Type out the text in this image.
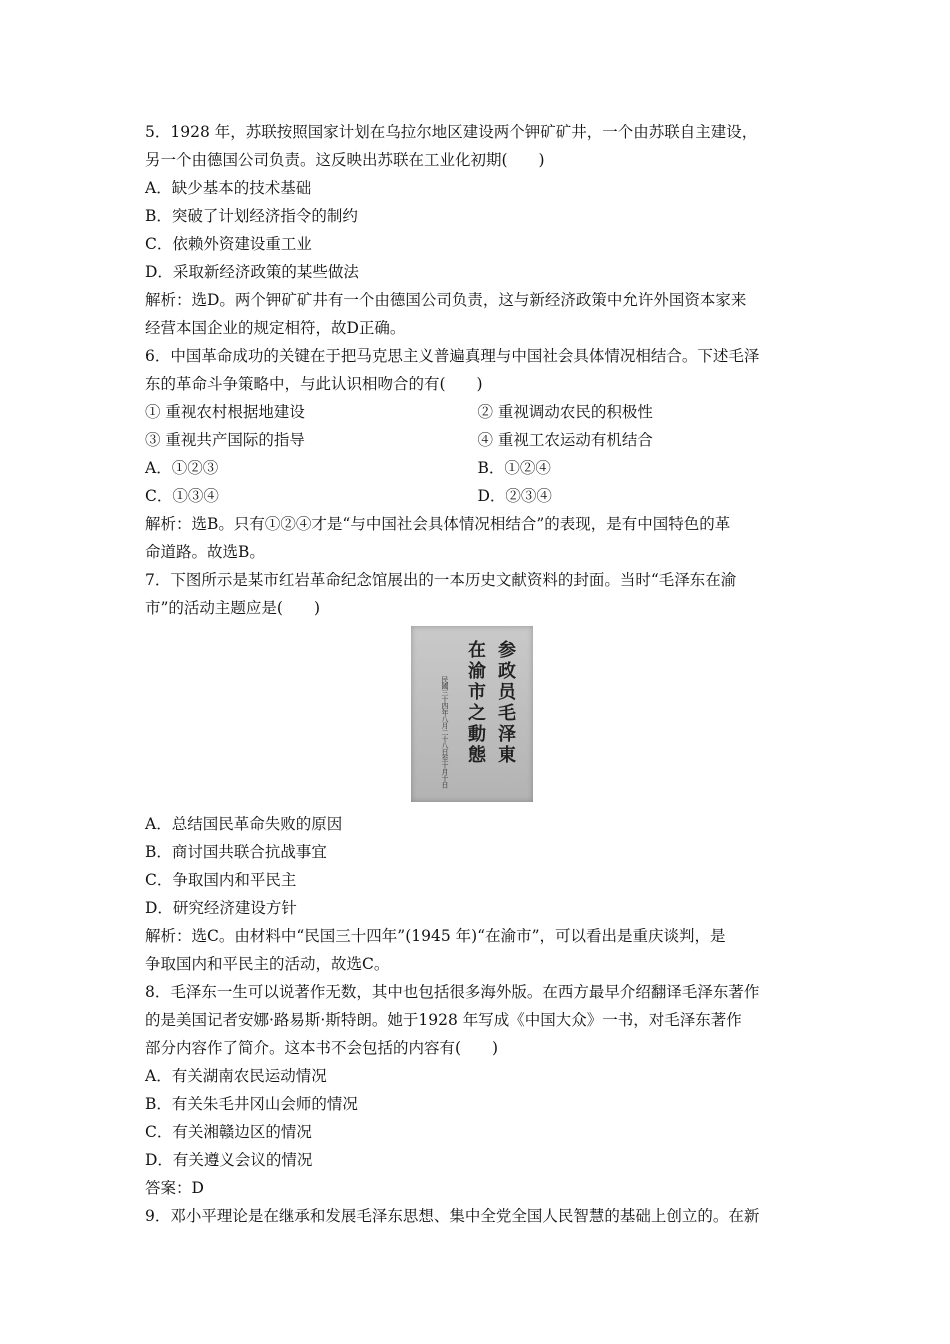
5．1928 年，苏联按照国家计划在乌拉尔地区建设两个钾矿矿井，一个由苏联自主建设，
另一个由德国公司负责。这反映出苏联在工业化初期(　　)
A．缺少基本的技术基础
B．突破了计划经济指令的制约
C．依赖外资建设重工业
D．采取新经济政策的某些做法
解析：选D。两个钾矿矿井有一个由德国公司负责，这与新经济政策中允许外国资本家来
经营本国企业的规定相符，故D正确。
6．中国革命成功的关键在于把马克思主义普遍真理与中国社会具体情况相结合。下述毛泽
东的革命斗争策略中，与此认识相吻合的有(　　)
① 重视农村根据地建设	② 重视调动农民的积极性
③ 重视共产国际的指导	④ 重视工农运动有机结合
A．①②③	B．①②④
C．①③④	D．②③④
解析：选B。只有①②④才是“与中国社会具体情况相结合”的表现，是有中国特色的革
命道路。故选B。
7．下图所示是某市红岩革命纪念馆展出的一本历史文献资料的封面。当时“毛泽东在渝
市”的活动主题应是(　　)
参政员毛泽東
在渝市之動態
民國三十四年八月二十八日至十月十日
A．总结国民革命失败的原因
B．商讨国共联合抗战事宜
C．争取国内和平民主
D．研究经济建设方针
解析：选C。由材料中“民国三十四年”(1945 年)“在渝市”，可以看出是重庆谈判，是
争取国内和平民主的活动，故选C。
8．毛泽东一生可以说著作无数，其中也包括很多海外版。在西方最早介绍翻译毛泽东著作
的是美国记者安娜·路易斯·斯特朗。她于1928 年写成《中国大众》一书，对毛泽东著作
部分内容作了简介。这本书不会包括的内容有(　　)
A．有关湖南农民运动情况
B．有关朱毛井冈山会师的情况
C．有关湘赣边区的情况
D．有关遵义会议的情况
答案：D
9．邓小平理论是在继承和发展毛泽东思想、集中全党全国人民智慧的基础上创立的。在新
